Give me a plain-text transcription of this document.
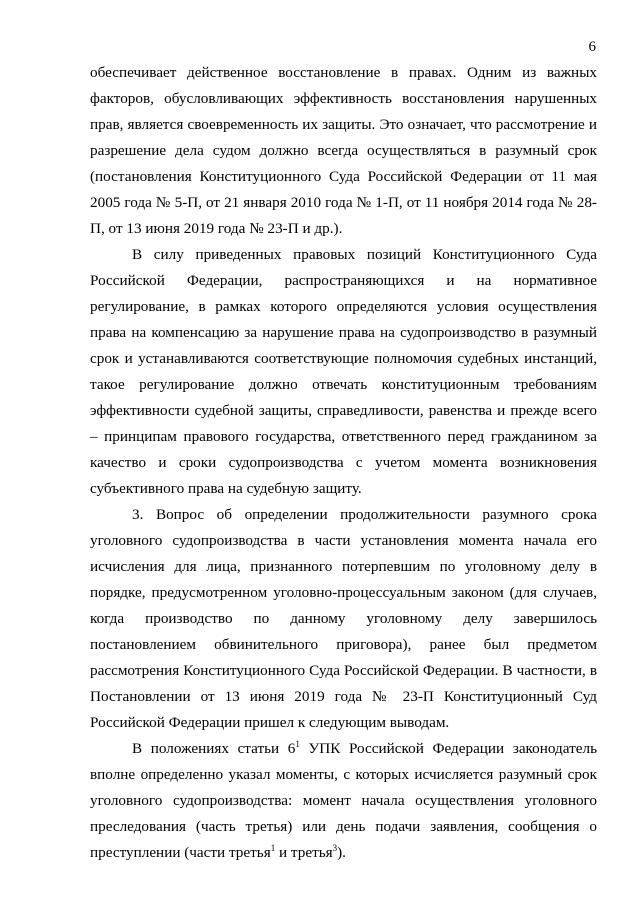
6

обеспечивает действенное восстановление в правах. Одним из важных факторов, обусловливающих эффективность восстановления нарушенных прав, является своевременность их защиты. Это означает, что рассмотрение и разрешение дела судом должно всегда осуществляться в разумный срок (постановления Конституционного Суда Российской Федерации от 11 мая 2005 года № 5-П, от 21 января 2010 года № 1-П, от 11 ноября 2014 года № 28-П, от 13 июня 2019 года № 23-П и др.).

В силу приведенных правовых позиций Конституционного Суда Российской Федерации, распространяющихся и на нормативное регулирование, в рамках которого определяются условия осуществления права на компенсацию за нарушение права на судопроизводство в разумный срок и устанавливаются соответствующие полномочия судебных инстанций, такое регулирование должно отвечать конституционным требованиям эффективности судебной защиты, справедливости, равенства и прежде всего – принципам правового государства, ответственного перед гражданином за качество и сроки судопроизводства с учетом момента возникновения субъективного права на судебную защиту.

3. Вопрос об определении продолжительности разумного срока уголовного судопроизводства в части установления момента начала его исчисления для лица, признанного потерпевшим по уголовному делу в порядке, предусмотренном уголовно-процессуальным законом (для случаев, когда производство по данному уголовному делу завершилось постановлением обвинительного приговора), ранее был предметом рассмотрения Конституционного Суда Российской Федерации. В частности, в Постановлении от 13 июня 2019 года № 23-П Конституционный Суд Российской Федерации пришел к следующим выводам.

В положениях статьи $6^1$ УПК Российской Федерации законодатель вполне определенно указал моменты, с которых исчисляется разумный срок уголовного судопроизводства: момент начала осуществления уголовного преследования (часть третья) или день подачи заявления, сообщения о преступлении (части третья$^1$ и третья$^3$).
